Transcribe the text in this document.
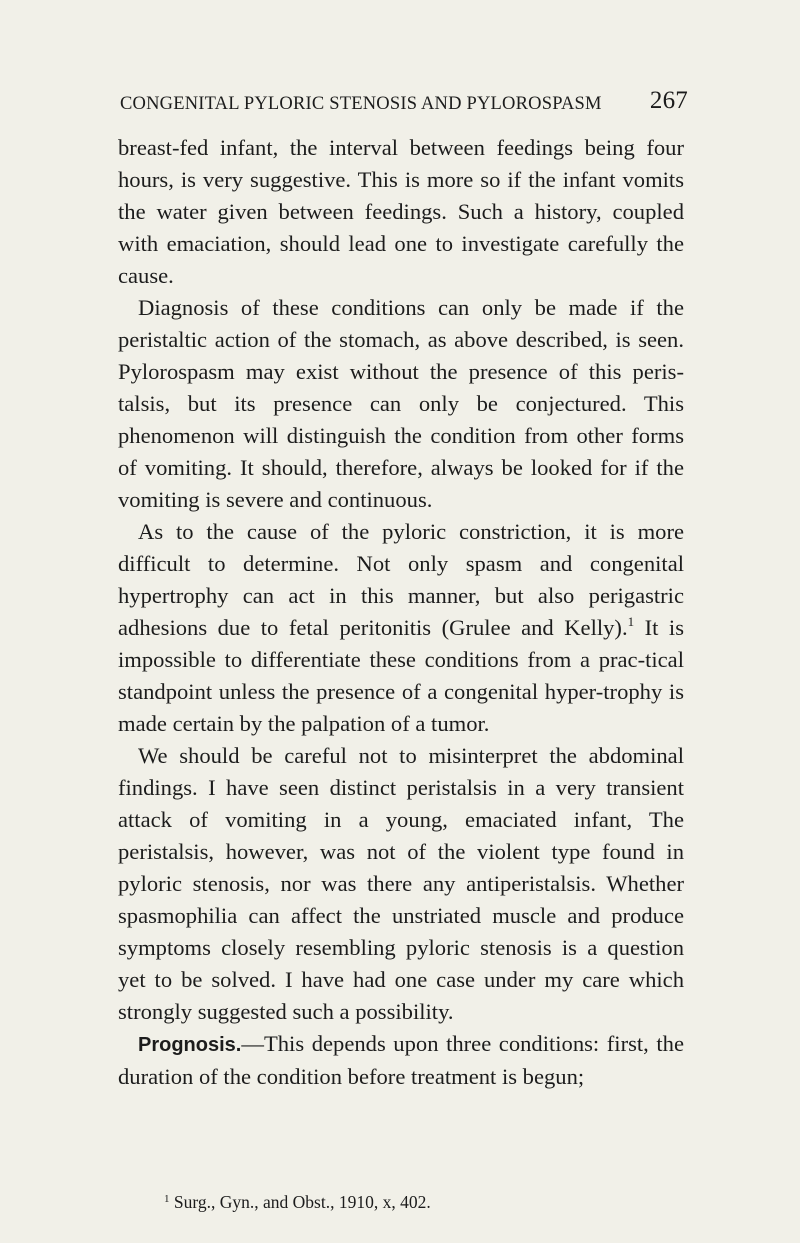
CONGENITAL PYLORIC STENOSIS AND PYLOROSPASM 267

breast-fed infant, the interval between feedings being four hours, is very suggestive. This is more so if the infant vomits the water given between feedings. Such a history, coupled with emaciation, should lead one to investigate carefully the cause.

Diagnosis of these conditions can only be made if the peristaltic action of the stomach, as above described, is seen. Pylorospasm may exist without the presence of this peris-talsis, but its presence can only be conjectured. This phenomenon will distinguish the condition from other forms of vomiting. It should, therefore, always be looked for if the vomiting is severe and continuous.

As to the cause of the pyloric constriction, it is more difficult to determine. Not only spasm and congenital hypertrophy can act in this manner, but also perigastric adhesions due to fetal peritonitis (Grulee and Kelly).$^1$ It is impossible to differentiate these conditions from a prac-tical standpoint unless the presence of a congenital hyper-trophy is made certain by the palpation of a tumor.

We should be careful not to misinterpret the abdominal findings. I have seen distinct peristalsis in a very transient attack of vomiting in a young, emaciated infant, The peristalsis, however, was not of the violent type found in pyloric stenosis, nor was there any antiperistalsis. Whether spasmophilia can affect the unstriated muscle and produce symptoms closely resembling pyloric stenosis is a question yet to be solved. I have had one case under my care which strongly suggested such a possibility.

Prognosis.—This depends upon three conditions: first, the duration of the condition before treatment is begun;

$^1$ Surg., Gyn., and Obst., 1910, x, 402.
